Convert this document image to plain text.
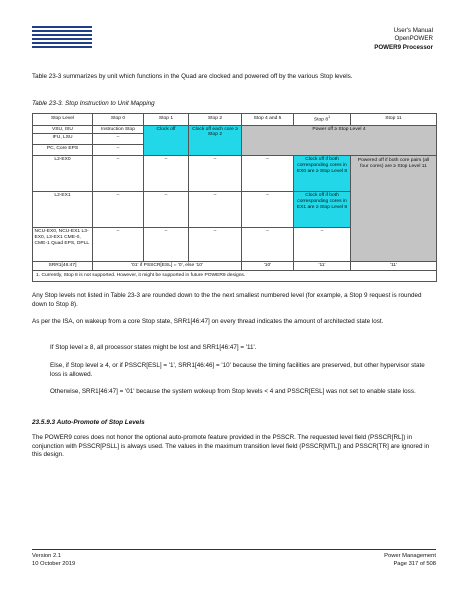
User's Manual
OpenPOWER
POWER9 Processor
Table 23-3 summarizes by unit which functions in the Quad are clocked and powered off by the various Stop levels.
Table 23-3. Stop Instruction to Unit Mapping
Stop Level	Stop 0	Stop 1	Stop 2	Stop 4 and 5	Stop $8^1$	Stop 11
VSU, ISU	Instruction Stop	Clock off	Clock off each core ≥ Stop 2	Power off ≥ Stop Level 4		
IFU, LSU	–					
PC, Core EPS	–					
L2-EX0	–	–	–	–	Clock off if both corresponding cores in EX0 are ≥ Stop Level 8	Powered off if both core pairs (all four cores) are ≥ Stop Level 11
L2-EX1	–	–	–	–	Clock off if both corresponding cores in EX1 are ≥ Stop Level 8	
NCU-EX0, NCU-EX1 L3-EX0, L3-EX1 CME-0, CME-1 Quad EPS, DPLL	–	–	–	–	–	
SRR1[46:47]	'01' if PSSCR[ESL] = '0', else '10'			'10'	'11'	'11'
1. Currently, Stop 8 is not supported. However, it might be supported in future POWER9 designs.						
Any Stop levels not listed in Table 23-3 are rounded down to the the next smallest numbered level (for example, a Stop 9 request is rounded down to Stop 8).
As per the ISA, on wakeup from a core Stop state, SRR1[46:47] on every thread indicates the amount of architected state lost.
If Stop level ≥ 8, all processor states might be lost and SRR1[46:47] = '11'.
Else, if Stop level ≥ 4, or if PSSCR[ESL] = '1', SRR1[46:46] = '10' because the timing facilities are preserved, but other hypervisor state loss is allowed.
Otherwise, SRR1[46:47] = '01' because the system wokeup from Stop levels < 4 and PSSCR[ESL] was not set to enable state loss.
23.5.9.3 Auto-Promote of Stop Levels
The POWER9 cores does not honor the optional auto-promote feature provided in the PSSCR. The requested level field (PSSCR[RL]) in conjunction with PSSCR[PSLL] is always used. The values in the maximum transition level field (PSSCR[MTL]) and PSSCR[TR] are ignored in this design.
Version 2.1
10 October 2019
Power Management
Page 317 of 508
